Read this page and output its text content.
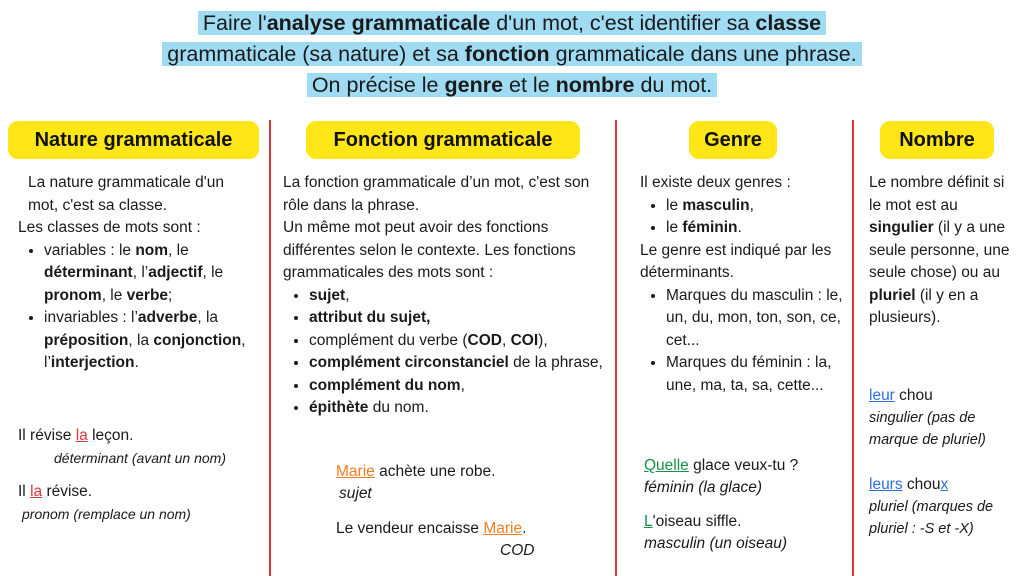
Faire l'analyse grammaticale d'un mot, c'est identifier sa classe
grammaticale (sa nature) et sa fonction grammaticale dans une phrase.
On précise le genre et le nombre du mot.
Nature grammaticale	Fonction grammaticale	Genre	Nombre

La nature grammaticale d'un mot, c'est sa classe.

Les classes de mots sont :

• variables : le nom, le déterminant, l’adjectif, le pronom, le verbe;
• invariables : l’adverbe, la préposition, la conjonction, l’interjection.

Il révise la leçon.

déterminant (avant un nom)

Il la révise.

pronom (remplace un nom)

La fonction grammaticale d’un mot, c'est son rôle dans la phrase.

Un même mot peut avoir des fonctions différentes selon le contexte. Les fonctions grammaticales des mots sont :

• sujet,
• attribut du sujet,
• complément du verbe (COD, COI),
• complément circonstanciel de la phrase,
• complément du nom,
• épithète du nom.

Marie achète une robe.

sujet

Le vendeur encaisse Marie.

COD

Il existe deux genres :

• le masculin,
• le féminin.

Le genre est indiqué par les déterminants.

• Marques du masculin : le, un, du, mon, ton, son, ce, cet...
• Marques du féminin : la, une, ma, ta, sa, cette...

Quelle glace veux-tu ?

féminin (la glace)

L'oiseau siffle.

masculin (un oiseau)

Le nombre définit si le mot est au singulier (il y a une seule personne, une seule chose) ou au pluriel (il y en a plusieurs).

leur chou

singulier (pas de marque de pluriel)

leurs choux

pluriel (marques de pluriel : -S et -X)
